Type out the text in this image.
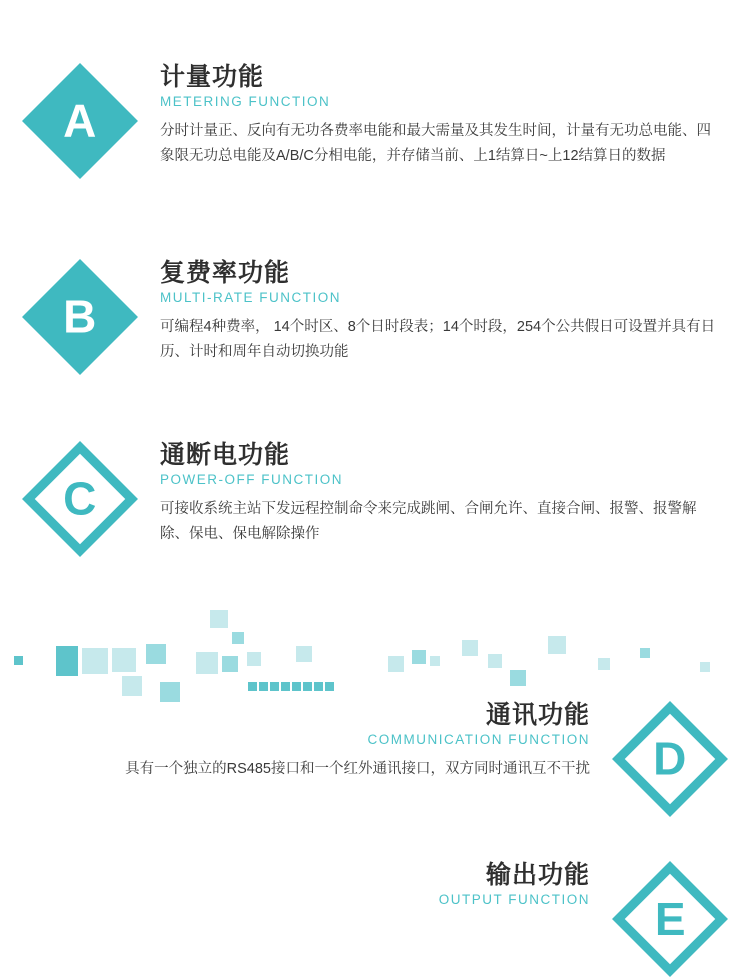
A

计量功能

METERING FUNCTION

分时计量正、反向有无功各费率电能和最大需量及其发生时间，计量有无功总电能、四象限无功总电能及A/B/C分相电能，并存储当前、上1结算日~上12结算日的数据

B

复费率功能

MULTI-RATE FUNCTION

可编程4种费率， 14个时区、8个日时段表；14个时段，254个公共假日可设置并具有日历、计时和周年自动切换功能

C

通断电功能

POWER-OFF FUNCTION

可接收系统主站下发远程控制命令来完成跳闸、合闸允许、直接合闸、报警、报警解除、保电、保电解除操作

D

通讯功能

COMMUNICATION FUNCTION

具有一个独立的RS485接口和一个红外通讯接口，双方同时通讯互不干扰

E

输出功能

OUTPUT FUNCTION
